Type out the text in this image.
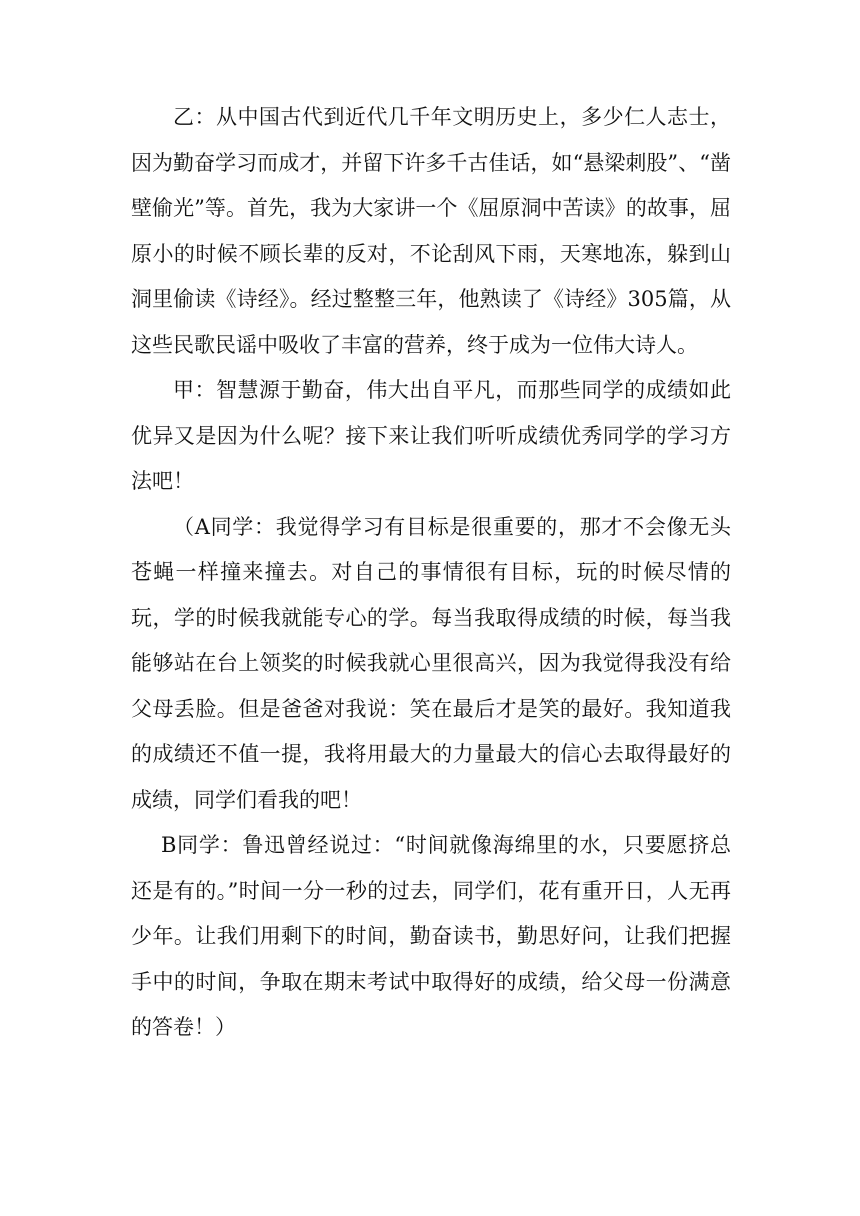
乙：从中国古代到近代几千年文明历史上，多少仁人志士，因为勤奋学习而成才，并留下许多千古佳话，如“悬梁刺股”、“凿壁偷光”等。首先，我为大家讲一个《屈原洞中苦读》的故事，屈原小的时候不顾长辈的反对，不论刮风下雨，天寒地冻，躲到山洞里偷读《诗经》。经过整整三年，他熟读了《诗经》305篇，从这些民歌民谣中吸收了丰富的营养，终于成为一位伟大诗人。

甲：智慧源于勤奋，伟大出自平凡，而那些同学的成绩如此优异又是因为什么呢？接下来让我们听听成绩优秀同学的学习方法吧！

（A同学：我觉得学习有目标是很重要的，那才不会像无头苍蝇一样撞来撞去。对自己的事情很有目标，玩的时候尽情的玩，学的时候我就能专心的学。每当我取得成绩的时候，每当我能够站在台上领奖的时候我就心里很高兴，因为我觉得我没有给父母丢脸。但是爸爸对我说：笑在最后才是笑的最好。我知道我的成绩还不值一提，我将用最大的力量最大的信心去取得最好的成绩，同学们看我的吧！

B同学：鲁迅曾经说过：“时间就像海绵里的水，只要愿挤总还是有的。”时间一分一秒的过去，同学们，花有重开日，人无再少年。让我们用剩下的时间，勤奋读书，勤思好问，让我们把握手中的时间，争取在期末考试中取得好的成绩，给父母一份满意的答卷！）
